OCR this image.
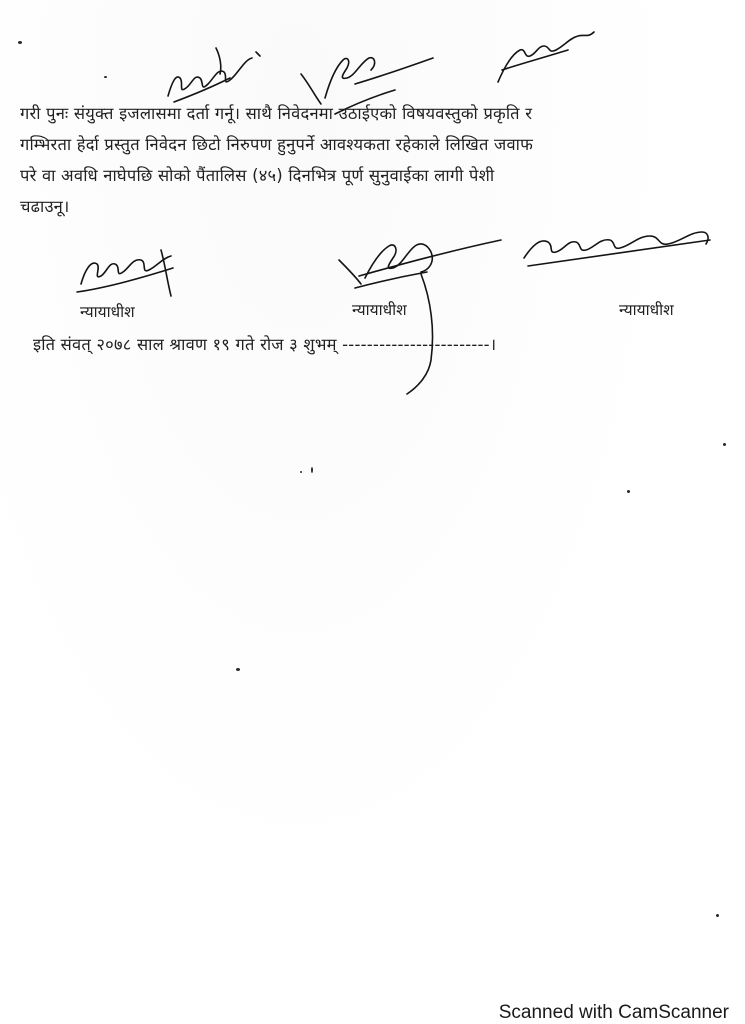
गरी पुनः संयुक्त इजलासमा दर्ता गर्नू। साथै निवेदनमा उठाईएको विषयवस्तुको प्रकृति र
गम्भिरता हेर्दा प्रस्तुत निवेदन छिटो निरुपण हुनुपर्ने आवश्यकता रहेकाले लिखित जवाफ
परे वा अवधि नाघेपछि सोको पैंतालिस (४५) दिनभित्र पूर्ण सुनुवाईका लागी पेशी
चढाउनू।
न्यायाधीश	न्यायाधीश	न्यायाधीश
इति संवत् २०७८ साल श्रावण १९ गते रोज ३ शुभम् ------------------------।
Scanned with CamScanner
